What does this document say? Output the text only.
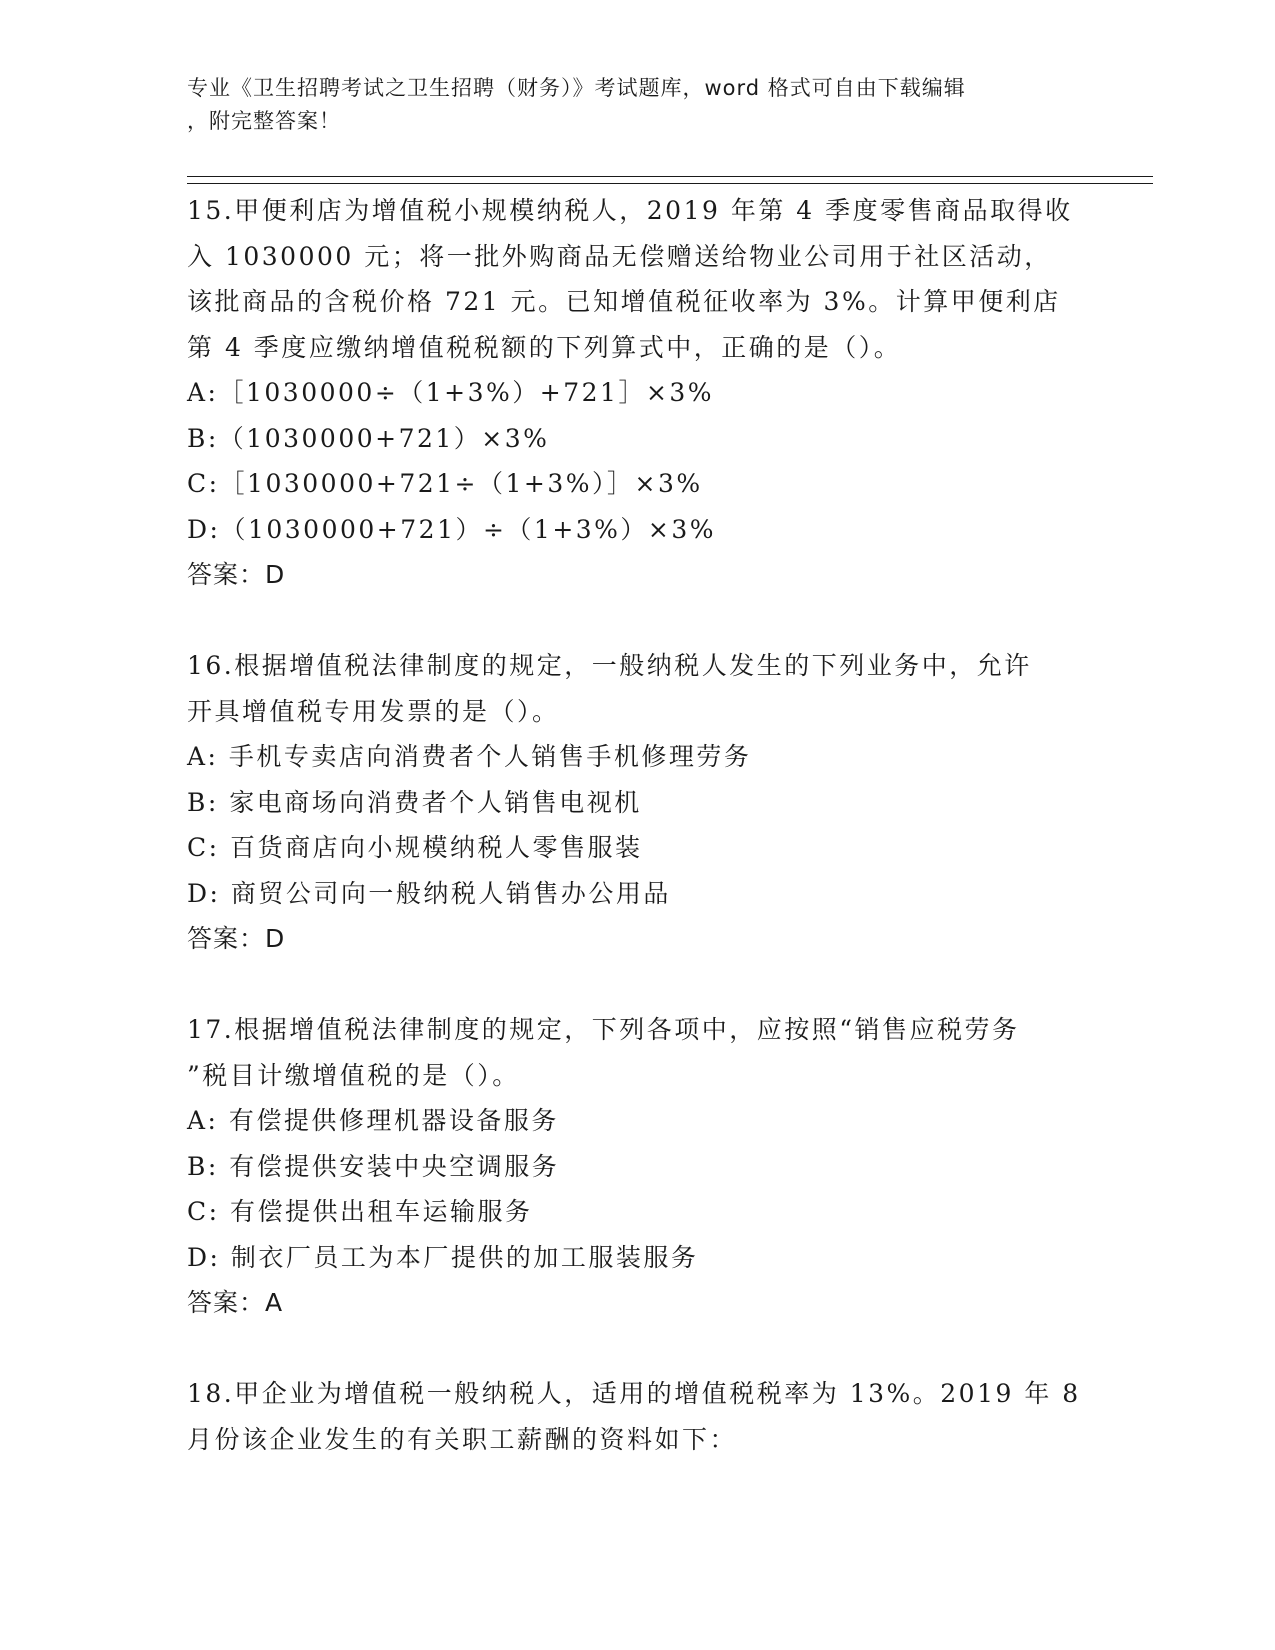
专业《卫生招聘考试之卫生招聘（财务）》考试题库，word 格式可自由下载编辑
，附完整答案！
15.甲便利店为增值税小规模纳税人，2019 年第 4 季度零售商品取得收
入 1030000 元；将一批外购商品无偿赠送给物业公司用于社区活动，
该批商品的含税价格 721 元。已知增值税征收率为 3%。计算甲便利店
第 4 季度应缴纳增值税税额的下列算式中，正确的是（）。
A:［1030000÷（1+3%）+721］×3%
B:（1030000+721）×3%
C:［1030000+721÷（1+3%）］×3%
D:（1030000+721）÷（1+3%）×3%
答案：D
16.根据增值税法律制度的规定，一般纳税人发生的下列业务中，允许
开具增值税专用发票的是（）。
A: 手机专卖店向消费者个人销售手机修理劳务
B: 家电商场向消费者个人销售电视机
C: 百货商店向小规模纳税人零售服装
D: 商贸公司向一般纳税人销售办公用品
答案：D
17.根据增值税法律制度的规定，下列各项中，应按照“销售应税劳务
”税目计缴增值税的是（）。
A: 有偿提供修理机器设备服务
B: 有偿提供安装中央空调服务
C: 有偿提供出租车运输服务
D: 制衣厂员工为本厂提供的加工服装服务
答案：A
18.甲企业为增值税一般纳税人，适用的增值税税率为 13%。2019 年 8
月份该企业发生的有关职工薪酬的资料如下：
